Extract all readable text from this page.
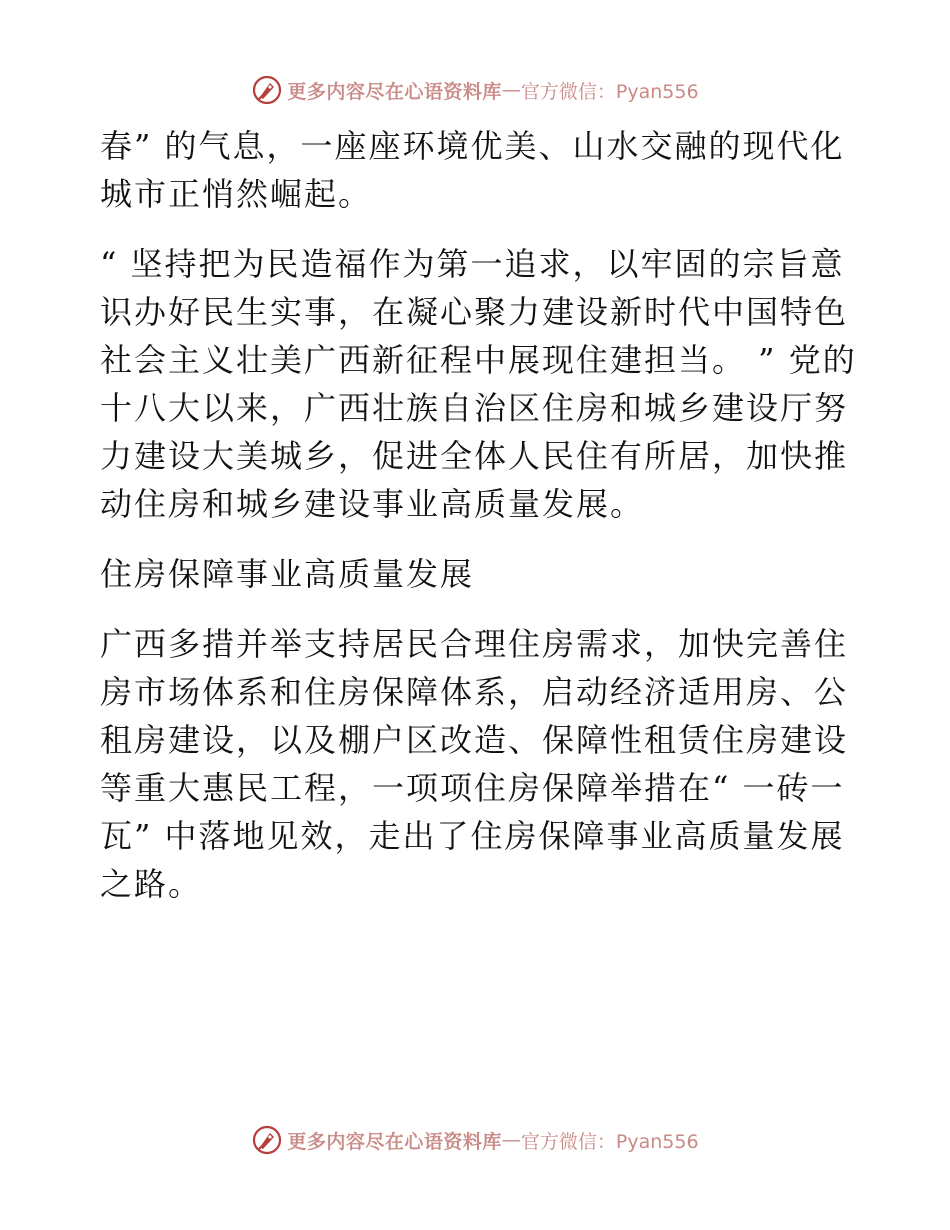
更多内容尽在心语资料库 — 官方微信：Pyan556

春” 的气息，一座座环境优美、山水交融的现代化城市正悄然崛起。

“ 坚持把为民造福作为第一追求，以牢固的宗旨意识办好民生实事，在凝心聚力建设新时代中国特色社会主义壮美广西新征程中展现住建担当。 ” 党的十八大以来，广西壮族自治区住房和城乡建设厅努力建设大美城乡，促进全体人民住有所居，加快推动住房和城乡建设事业高质量发展。

住房保障事业高质量发展

广西多措并举支持居民合理住房需求，加快完善住房市场体系和住房保障体系，启动经济适用房、公租房建设，以及棚户区改造、保障性租赁住房建设等重大惠民工程，一项项住房保障举措在“ 一砖一瓦” 中落地见效，走出了住房保障事业高质量发展之路。

更多内容尽在心语资料库 — 官方微信：Pyan556
